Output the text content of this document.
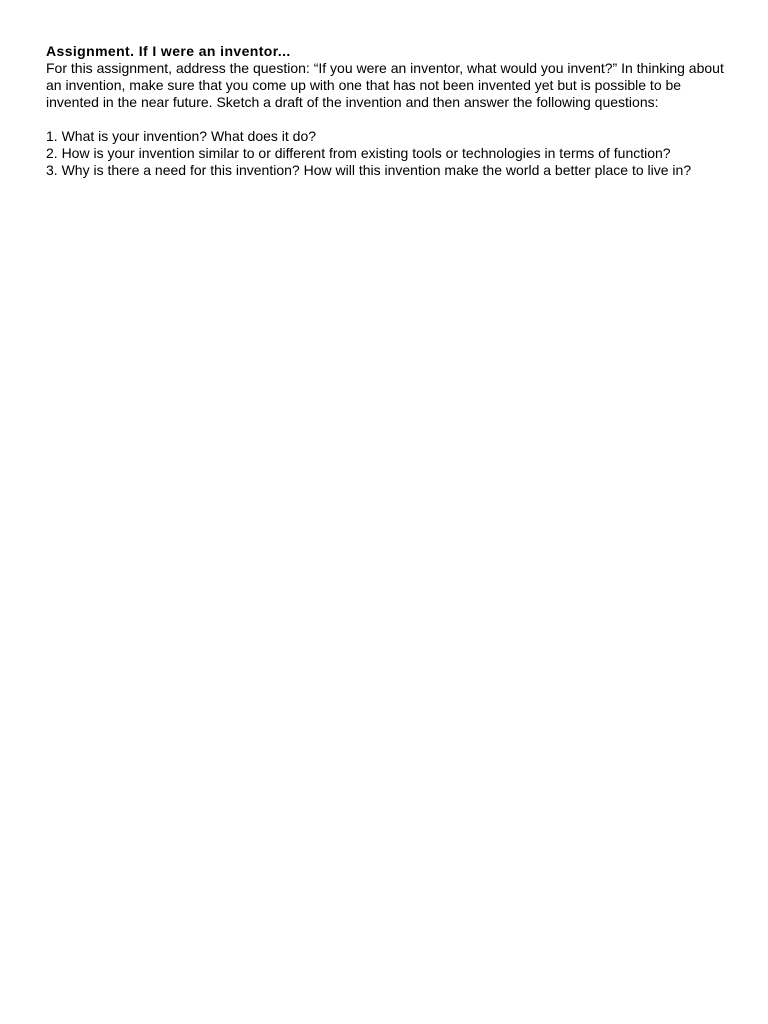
Assignment. If I were an inventor...

For this assignment, address the question: “If you were an inventor, what would you invent?” In thinking about an invention, make sure that you come up with one that has not been invented yet but is possible to be invented in the near future. Sketch a draft of the invention and then answer the following questions:

1. What is your invention? What does it do?
2. How is your invention similar to or different from existing tools or technologies in terms of function?
3. Why is there a need for this invention? How will this invention make the world a better place to live in?
